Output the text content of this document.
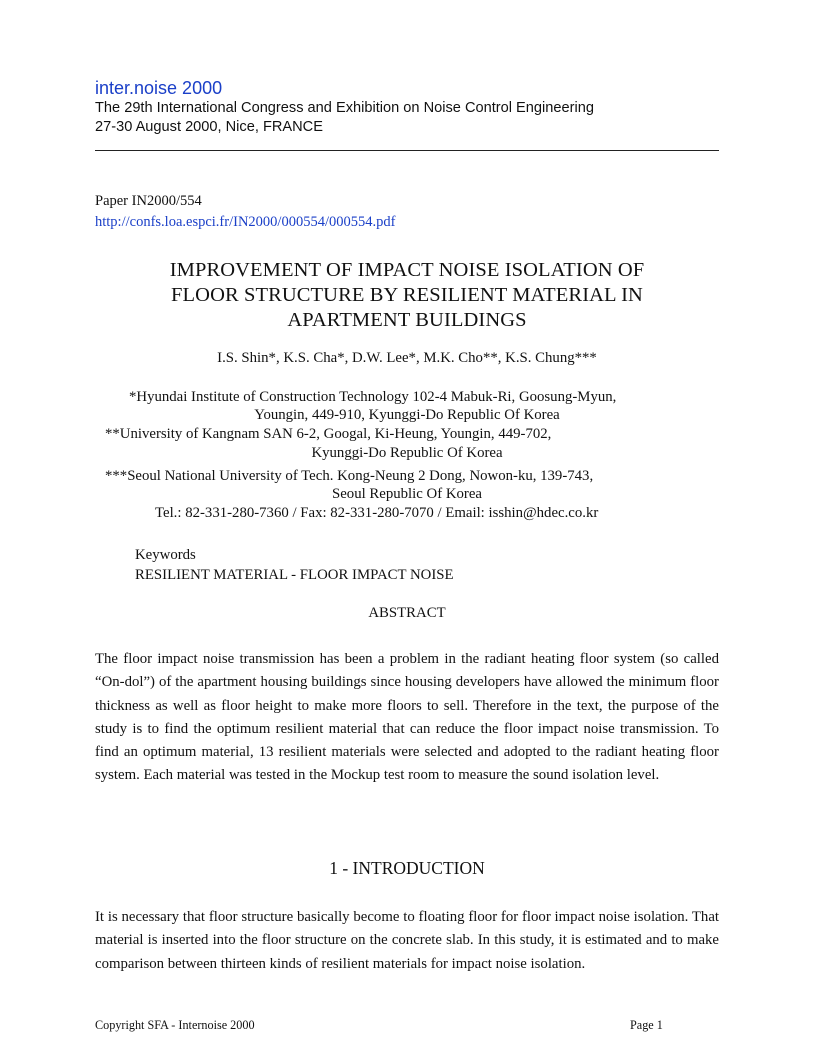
inter.noise 2000
The 29th International Congress and Exhibition on Noise Control Engineering
27-30 August 2000, Nice, FRANCE
Paper IN2000/554
http://confs.loa.espci.fr/IN2000/000554/000554.pdf
IMPROVEMENT OF IMPACT NOISE ISOLATION OF
FLOOR STRUCTURE BY RESILIENT MATERIAL IN
APARTMENT BUILDINGS
I.S. Shin*, K.S. Cha*, D.W. Lee*, M.K. Cho**, K.S. Chung***
*Hyundai Institute of Construction Technology 102-4 Mabuk-Ri, Goosung-Myun,
Youngin, 449-910, Kyunggi-Do Republic Of Korea
**University of Kangnam SAN 6-2, Googal, Ki-Heung, Youngin, 449-702,
Kyunggi-Do Republic Of Korea
***Seoul National University of Tech. Kong-Neung 2 Dong, Nowon-ku, 139-743,
Seoul Republic Of Korea
Tel.: 82-331-280-7360 / Fax: 82-331-280-7070 / Email: isshin@hdec.co.kr
Keywords
RESILIENT MATERIAL - FLOOR IMPACT NOISE
ABSTRACT
The floor impact noise transmission has been a problem in the radiant heating floor system (so called “On-dol”) of the apartment housing buildings since housing developers have allowed the minimum floor thickness as well as floor height to make more floors to sell. Therefore in the text, the purpose of the study is to find the optimum resilient material that can reduce the floor impact noise transmission. To find an optimum material, 13 resilient materials were selected and adopted to the radiant heating floor system. Each material was tested in the Mockup test room to measure the sound isolation level.
1 - INTRODUCTION
It is necessary that floor structure basically become to floating floor for floor impact noise isolation. That material is inserted into the floor structure on the concrete slab. In this study, it is estimated and to make comparison between thirteen kinds of resilient materials for impact noise isolation.
Copyright SFA - Internoise 2000	Page 1
